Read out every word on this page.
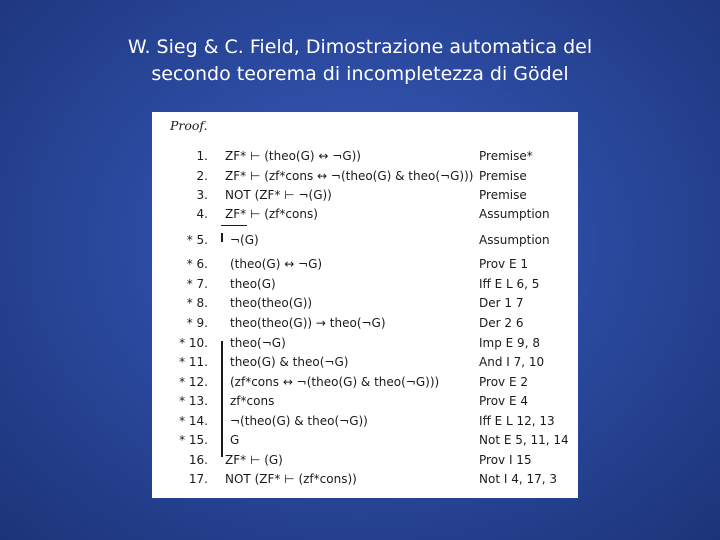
W. Sieg & C. Field, Dimostrazione automatica del
secondo teorema di incompletezza di Gödel
Proof.
1. ZF* ⊢ (theo(G) ↔ ¬G))	Premise*
2. ZF* ⊢ (zf*cons ↔ ¬(theo(G) & theo(¬G))) Premise
3. NOT (ZF* ⊢ ¬(G))	Premise
4. ZF* ⊢ (zf*cons)	Assumption
* 5. ¬(G)	Assumption
* 6. (theo(G) ↔ ¬G)	Prov E 1
* 7. theo(G)	Iff E L 6, 5
* 8. theo(theo(G))	Der 1 7
* 9. theo(theo(G)) → theo(¬G)	Der 2 6
* 10. theo(¬G)	Imp E 9, 8
* 11. theo(G) & theo(¬G)	And I 7, 10
* 12. (zf*cons ↔ ¬(theo(G) & theo(¬G)))	Prov E 2
* 13. zf*cons	Prov E 4
* 14. ¬(theo(G) & theo(¬G))	Iff E L 12, 13
* 15. G	Not E 5, 11, 14
16. ZF* ⊢ (G)	Prov I 15
17. NOT (ZF* ⊢ (zf*cons))	Not I 4, 17, 3
